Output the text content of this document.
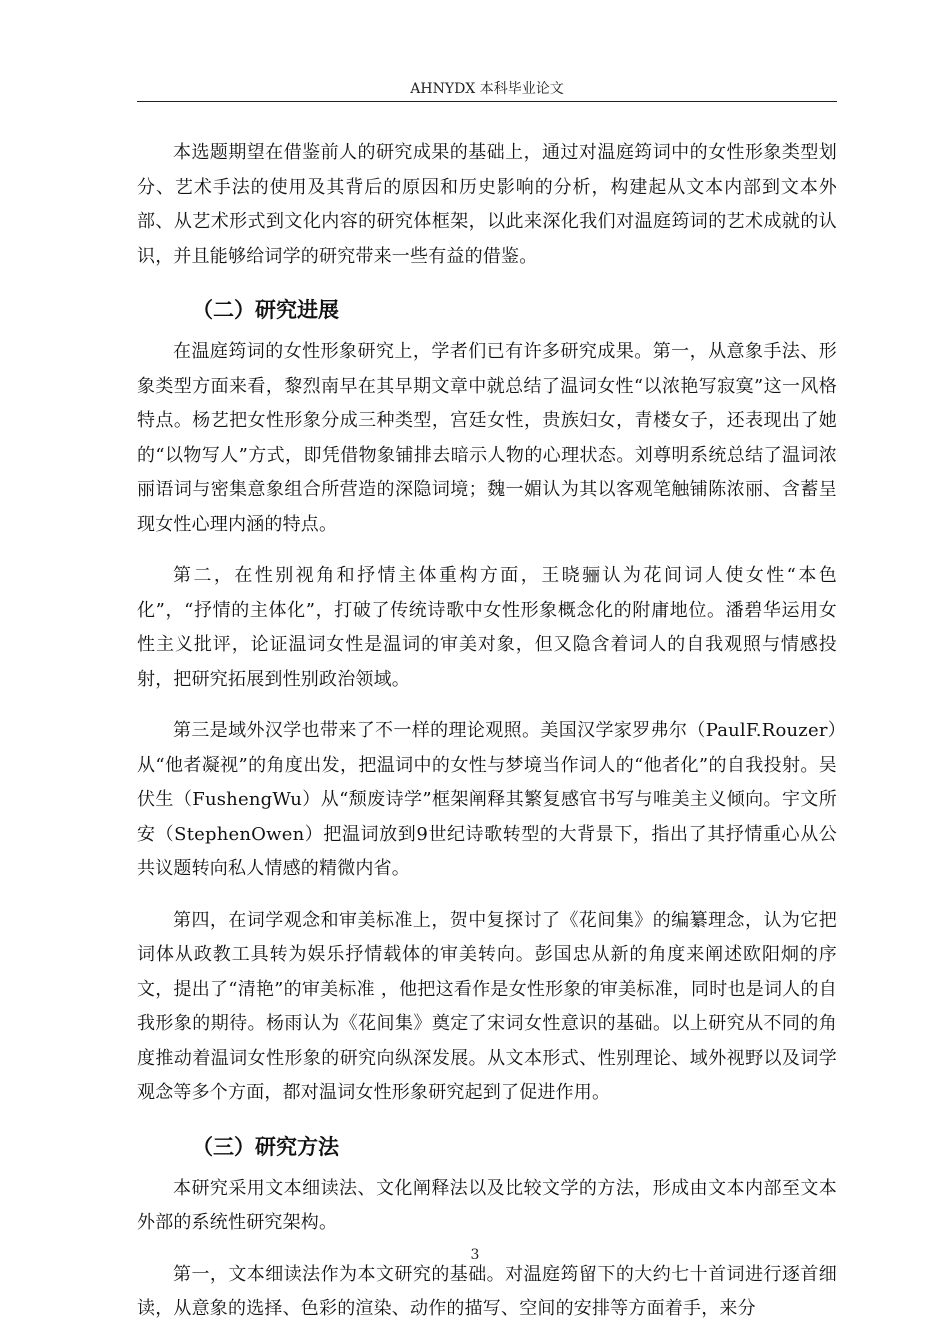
AHNYDX 本科毕业论文

本选题期望在借鉴前人的研究成果的基础上，通过对温庭筠词中的女性形象类型划分、艺术手法的使用及其背后的原因和历史影响的分析，构建起从文本内部到文本外部、从艺术形式到文化内容的研究体框架，以此来深化我们对温庭筠词的艺术成就的认识，并且能够给词学的研究带来一些有益的借鉴。

（二）研究进展

在温庭筠词的女性形象研究上，学者们已有许多研究成果。第一，从意象手法、形象类型方面来看，黎烈南早在其早期文章中就总结了温词女性“以浓艳写寂寞”这一风格特点。杨艺把女性形象分成三种类型，宫廷女性，贵族妇女，青楼女子，还表现出了她的“以物写人”方式，即凭借物象铺排去暗示人物的心理状态。刘尊明系统总结了温词浓丽语词与密集意象组合所营造的深隐词境；魏一媚认为其以客观笔触铺陈浓丽、含蓄呈现女性心理内涵的特点。

第二，在性别视角和抒情主体重构方面，王晓骊认为花间词人使女性“本色化”，“抒情的主体化”，打破了传统诗歌中女性形象概念化的附庸地位。潘碧华运用女性主义批评，论证温词女性是温词的审美对象，但又隐含着词人的自我观照与情感投射，把研究拓展到性别政治领域。

第三是域外汉学也带来了不一样的理论观照。美国汉学家罗弗尔（PaulF.Rouzer）从“他者凝视”的角度出发，把温词中的女性与梦境当作词人的“他者化”的自我投射。吴伏生（FushengWu）从“颓废诗学”框架阐释其繁复感官书写与唯美主义倾向。宇文所安（StephenOwen）把温词放到9世纪诗歌转型的大背景下，指出了其抒情重心从公共议题转向私人情感的精微内省。

第四，在词学观念和审美标准上，贺中复探讨了《花间集》的编纂理念，认为它把词体从政教工具转为娱乐抒情载体的审美转向。彭国忠从新的角度来阐述欧阳炯的序文，提出了“清艳”的审美标准 ，他把这看作是女性形象的审美标准，同时也是词人的自我形象的期待。杨雨认为《花间集》奠定了宋词女性意识的基础。以上研究从不同的角度推动着温词女性形象的研究向纵深发展。从文本形式、性别理论、域外视野以及词学观念等多个方面，都对温词女性形象研究起到了促进作用。

（三）研究方法

本研究采用文本细读法、文化阐释法以及比较文学的方法，形成由文本内部至文本外部的系统性研究架构。

第一，文本细读法作为本文研究的基础。对温庭筠留下的大约七十首词进行逐首细读，从意象的选择、色彩的渲染、动作的描写、空间的安排等方面着手，来分

3
